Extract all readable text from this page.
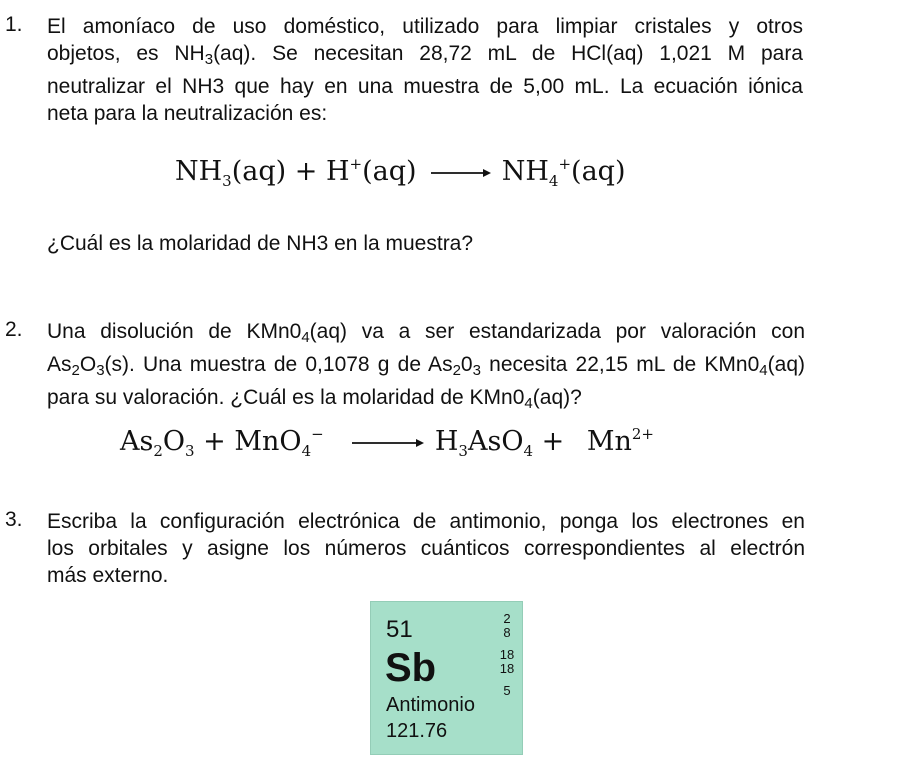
1. El amoníaco de uso doméstico, utilizado para limpiar cristales y otros
objetos, es NH3(aq). Se necesitan 28,72 mL de HCl(aq) 1,021 M para
neutralizar el NH3 que hay en una muestra de 5,00 mL. La ecuación iónica
neta para la neutralización es:
$NH_3(aq) + H^+(aq) \to NH_4^+(aq)$
¿Cuál es la molaridad de NH3 en la muestra?
2. Una disolución de KMn04(aq) va a ser estandarizada por valoración con
As2O3(s). Una muestra de 0,1078 g de As203 necesita 22,15 mL de KMn04(aq)
para su valoración. ¿Cuál es la molaridad de KMn04(aq)?
$As_2O_3 + MnO_4^- \to H_3AsO_4 + Mn^{2+}$
3. Escriba la configuración electrónica de antimonio, ponga los electrones en
los orbitales y asigne los números cuánticos correspondientes al electrón
más externo.
51
Sb
Antimonio
121.76
2
8
18
18
5
